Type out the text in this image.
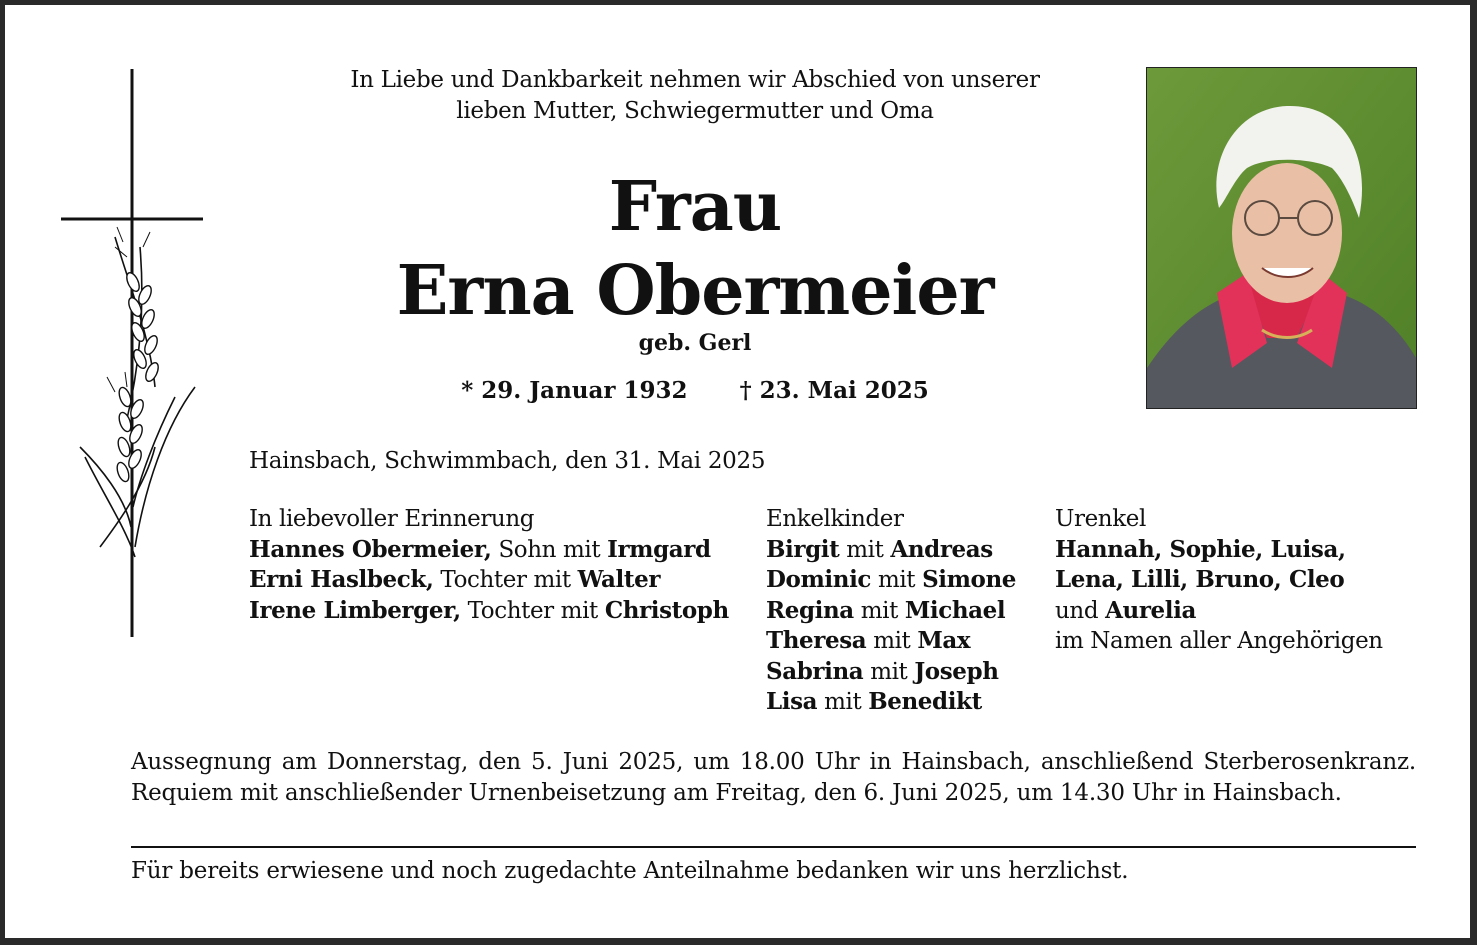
In Liebe und Dankbarkeit nehmen wir Abschied von unserer
lieben Mutter, Schwiegermutter und Oma
Frau
Erna Obermeier
geb. Gerl
* 29. Januar 1932 † 23. Mai 2025
Hainsbach, Schwimmbach, den 31. Mai 2025
In liebevoller Erinnerung
Hannes Obermeier, Sohn mit Irmgard
Erni Haslbeck, Tochter mit Walter
Irene Limberger, Tochter mit Christoph
Enkelkinder
Birgit mit Andreas
Dominic mit Simone
Regina mit Michael
Theresa mit Max
Sabrina mit Joseph
Lisa mit Benedikt
Urenkel
Hannah, Sophie, Luisa,
Lena, Lilli, Bruno, Cleo
und Aurelia
im Namen aller Angehörigen
Aussegnung am Donnerstag, den 5. Juni 2025, um 18.00 Uhr in Hainsbach, anschließend Sterberosenkranz. Requiem mit anschließender Urnenbeisetzung am Freitag, den 6. Juni 2025, um 14.30 Uhr in Hainsbach.
Für bereits erwiesene und noch zugedachte Anteilnahme bedanken wir uns herzlichst.
